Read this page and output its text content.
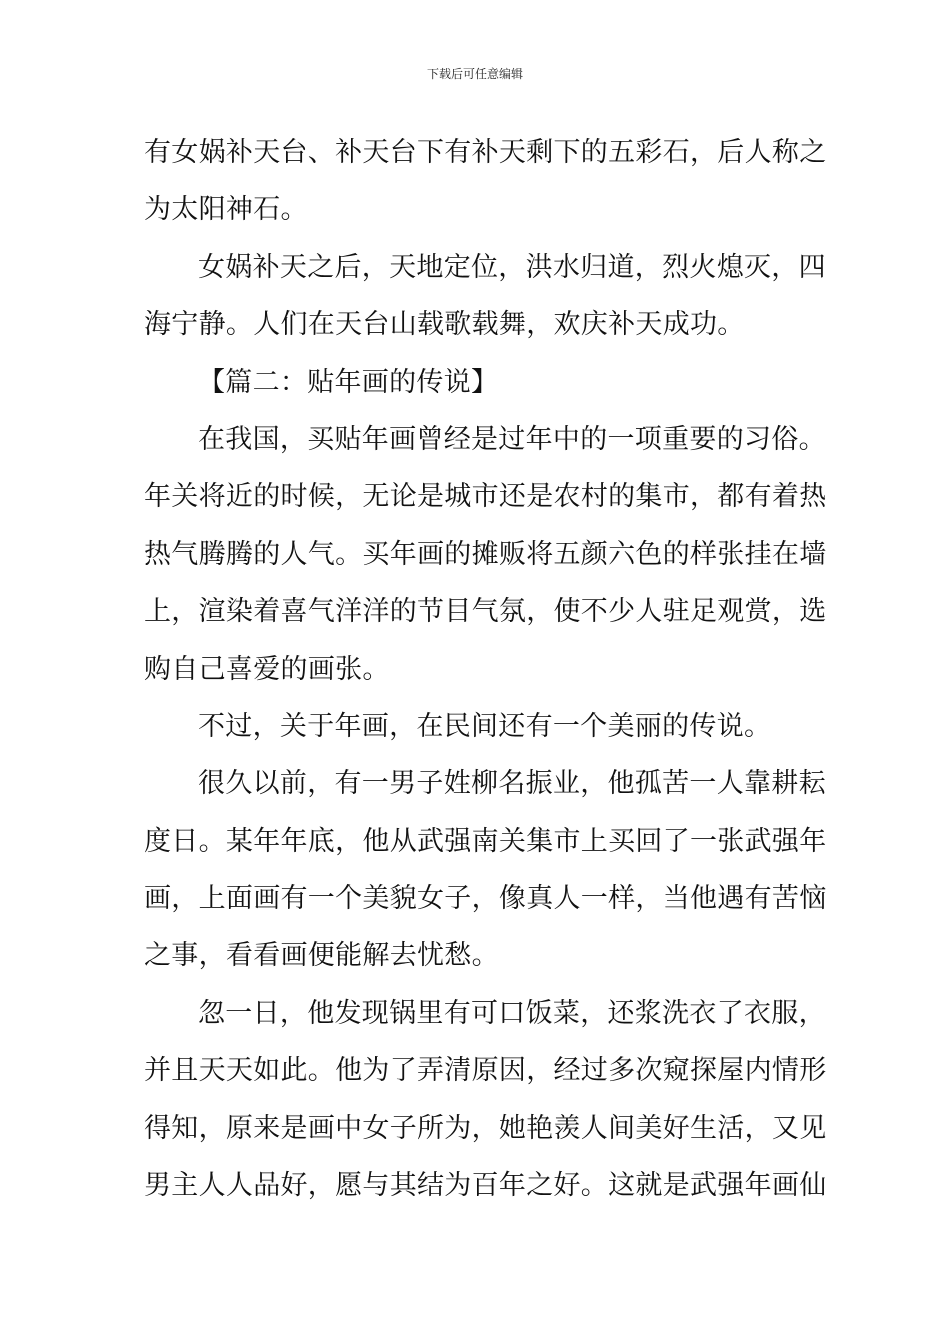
下载后可任意编辑
有女娲补天台、补天台下有补天剩下的五彩石，后人称之
为太阳神石。
女娲补天之后，天地定位，洪水归道，烈火熄灭，四
海宁静。人们在天台山载歌载舞，欢庆补天成功。
【篇二：贴年画的传说】
在我国，买贴年画曾经是过年中的一项重要的习俗。
年关将近的时候，无论是城市还是农村的集市，都有着热
热气腾腾的人气。买年画的摊贩将五颜六色的样张挂在墙
上，渲染着喜气洋洋的节目气氛，使不少人驻足观赏，选
购自己喜爱的画张。
不过，关于年画，在民间还有一个美丽的传说。
很久以前，有一男子姓柳名振业，他孤苦一人靠耕耘
度日。某年年底，他从武强南关集市上买回了一张武强年
画，上面画有一个美貌女子，像真人一样，当他遇有苦恼
之事，看看画便能解去忧愁。
忽一日，他发现锅里有可口饭菜，还浆洗衣了衣服，
并且天天如此。他为了弄清原因，经过多次窥探屋内情形
得知，原来是画中女子所为，她艳羡人间美好生活，又见
男主人人品好，愿与其结为百年之好。这就是武强年画仙
